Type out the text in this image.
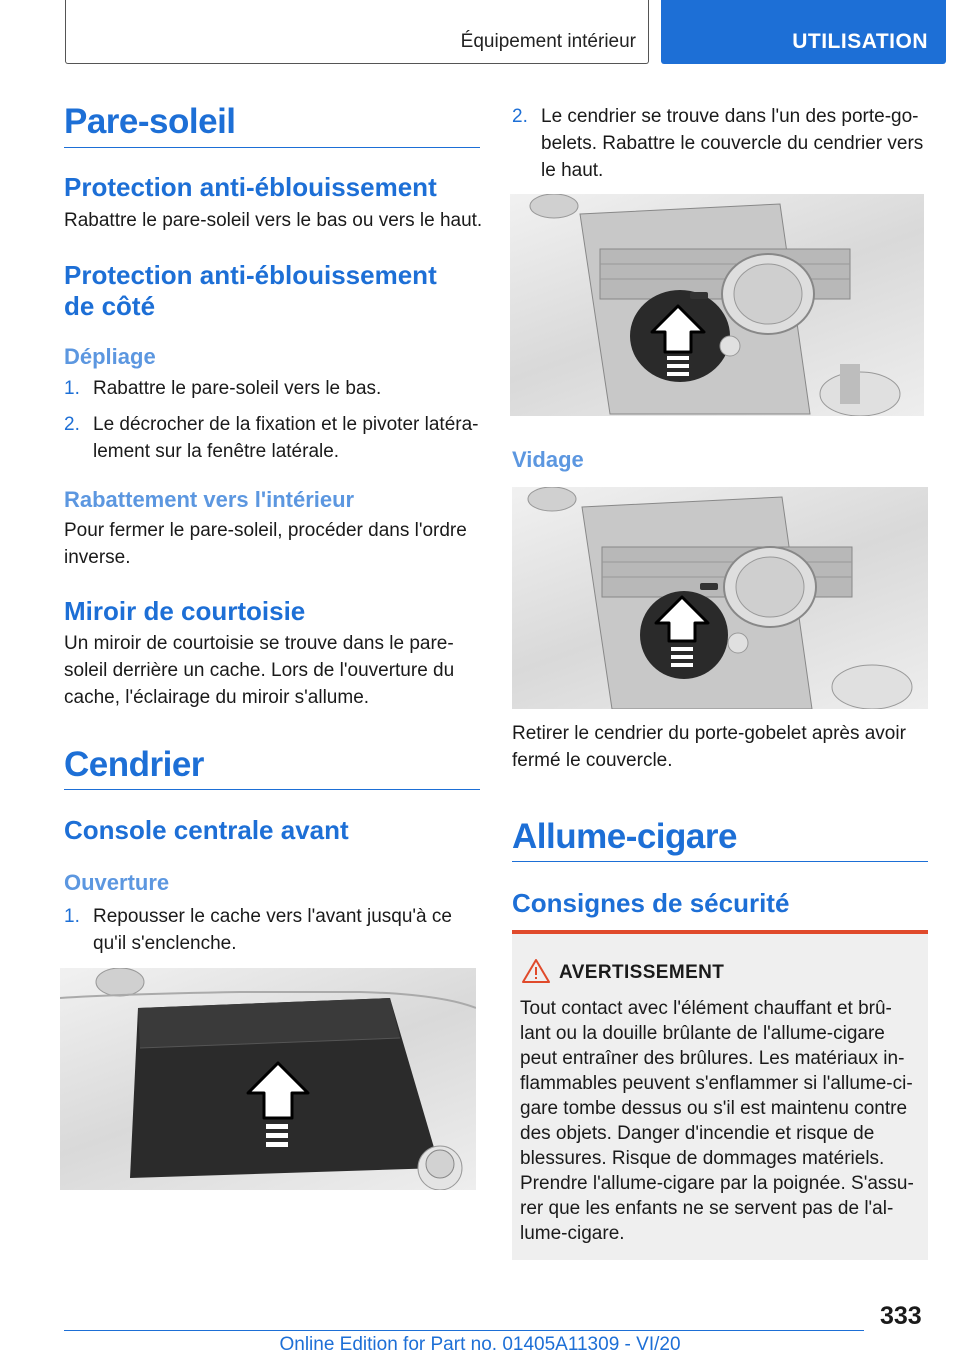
Équipement intérieur	UTILISATION
Pare-soleil
Protection anti-éblouissement

Rabattre le pare-soleil vers le bas ou vers le haut.

Protection anti-éblouissement
de côté
Dépliage
1. Rabattre le pare-soleil vers le bas.
2. Le décrocher de la fixation et le pivoter latéra-
lement sur la fenêtre latérale.
Rabattement vers l'intérieur

Pour fermer le pare-soleil, procéder dans l'ordre
inverse.

Miroir de courtoisie

Un miroir de courtoisie se trouve dans le pare-
soleil derrière un cache. Lors de l'ouverture du
cache, l'éclairage du miroir s'allume.

Cendrier
Console centrale avant
Ouverture
1. Repousser le cache vers l'avant jusqu'à ce
qu'il s'enclenche.
2. Le cendrier se trouve dans l'un des porte-go-
belets. Rabattre le couvercle du cendrier vers
le haut.
Vidage

Retirer le cendrier du porte-gobelet après avoir
fermé le couvercle.

Allume-cigare
Consignes de sécurité
AVERTISSEMENT

Tout contact avec l'élément chauffant et brû-
lant ou la douille brûlante de l'allume-cigare
peut entraîner des brûlures. Les matériaux in-
flammables peuvent s'enflammer si l'allume-ci-
gare tombe dessus ou s'il est maintenu contre
des objets. Danger d'incendie et risque de
blessures. Risque de dommages matériels.
Prendre l'allume-cigare par la poignée. S'assu-
rer que les enfants ne se servent pas de l'al-
lume-cigare.

333
Online Edition for Part no. 01405A11309 - VI/20
